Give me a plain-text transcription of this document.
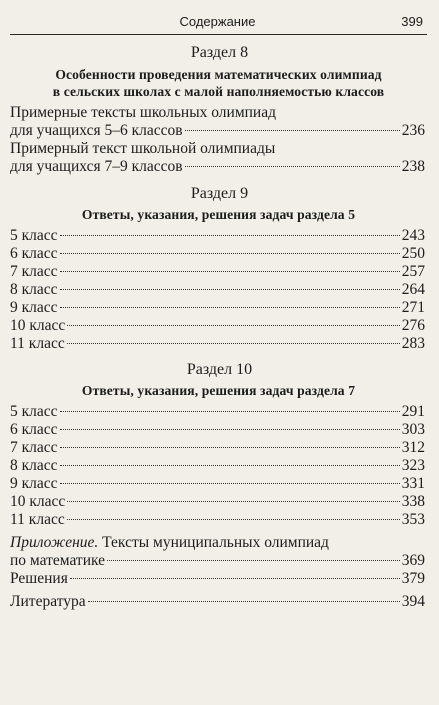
Содержание	399
Раздел 8
Особенности проведения математических олимпиад
в сельских школах с малой наполняемостью классов
Примерные тексты школьных олимпиад
для учащихся 5–6 классов	236
Примерный текст школьной олимпиады
для учащихся 7–9 классов	238
Раздел 9
Ответы, указания, решения задач раздела 5
5 класс	243
6 класс	250
7 класс	257
8 класс	264
9 класс	271
10 класс	276
11 класс	283
Раздел 10
Ответы, указания, решения задач раздела 7
5 класс	291
6 класс	303
7 класс	312
8 класс	323
9 класс	331
10 класс	338
11 класс	353
Приложение. Тексты муниципальных олимпиад
по математике	369
Решения	379
Литература	394
